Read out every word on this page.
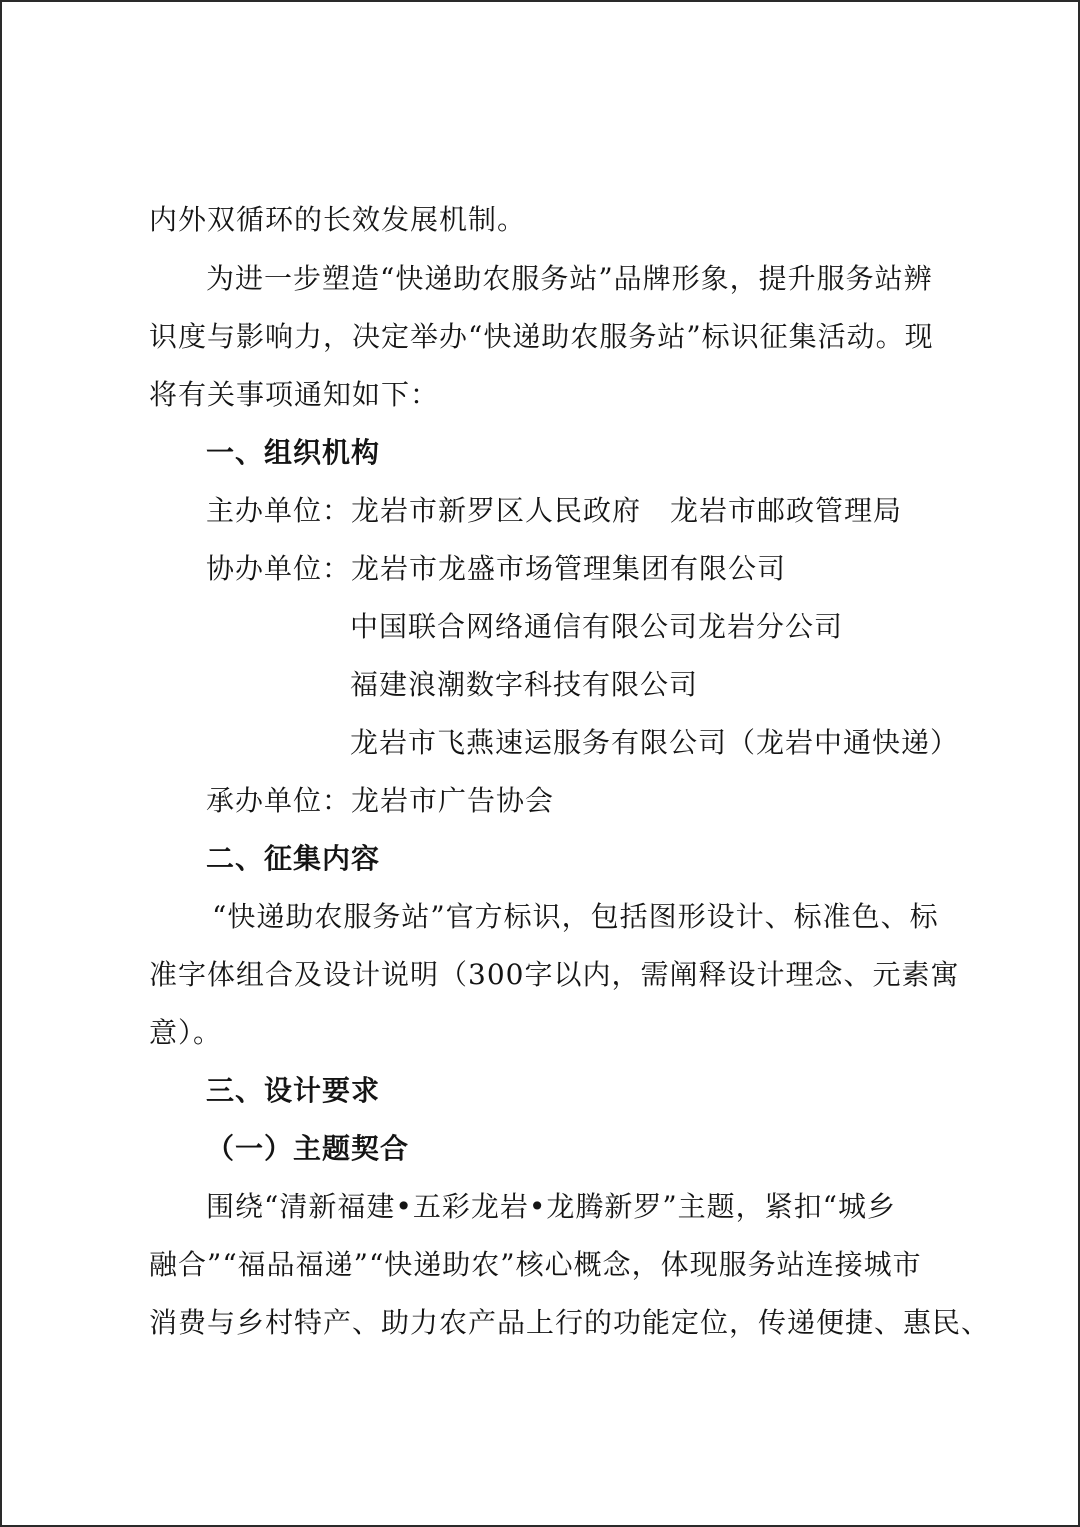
内外双循环的长效发展机制。
为进一步塑造“快递助农服务站”品牌形象，提升服务站辨
识度与影响力，决定举办“快递助农服务站”标识征集活动。现
将有关事项通知如下：
一、组织机构
主办单位：龙岩市新罗区人民政府　龙岩市邮政管理局
协办单位：龙岩市龙盛市场管理集团有限公司
中国联合网络通信有限公司龙岩分公司
福建浪潮数字科技有限公司
龙岩市飞燕速运服务有限公司（龙岩中通快递）
承办单位：龙岩市广告协会
二、征集内容
“快递助农服务站”官方标识，包括图形设计、标准色、标
准字体组合及设计说明（300字以内，需阐释设计理念、元素寓
意）。
三、设计要求
（一）主题契合
围绕“清新福建•五彩龙岩•龙腾新罗”主题，紧扣“城乡
融合”“福品福递”“快递助农”核心概念，体现服务站连接城市
消费与乡村特产、助力农产品上行的功能定位，传递便捷、惠民、
